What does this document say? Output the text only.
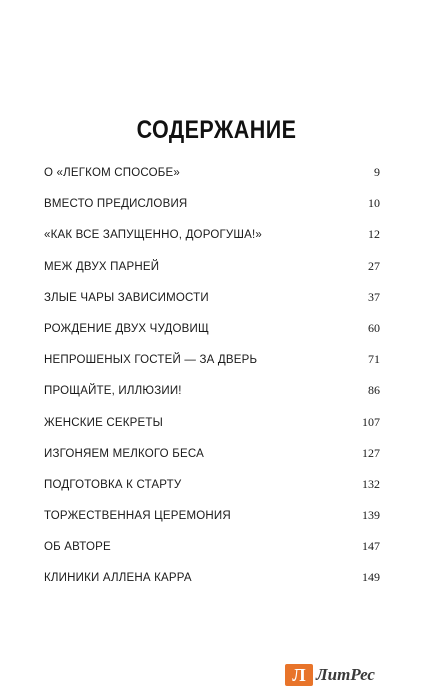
СОДЕРЖАНИЕ
О «ЛЕГКОМ СПОСОБЕ»	9
ВМЕСТО ПРЕДИСЛОВИЯ	10
«КАК ВСЕ ЗАПУЩЕННО, ДОРОГУША!»	12
МЕЖ ДВУХ ПАРНЕЙ	27
ЗЛЫЕ ЧАРЫ ЗАВИСИМОСТИ	37
РОЖДЕНИЕ ДВУХ ЧУДОВИЩ	60
НЕПРОШЕНЫХ ГОСТЕЙ — ЗА ДВЕРЬ	71
ПРОЩАЙТЕ, ИЛЛЮЗИИ!	86
ЖЕНСКИЕ СЕКРЕТЫ	107
ИЗГОНЯЕМ МЕЛКОГО БЕСА	127
ПОДГОТОВКА К СТАРТУ	132
ТОРЖЕСТВЕННАЯ ЦЕРЕМОНИЯ	139
ОБ АВТОРЕ	147
КЛИНИКИ АЛЛЕНА КАРРА	149
Л ЛитРес
